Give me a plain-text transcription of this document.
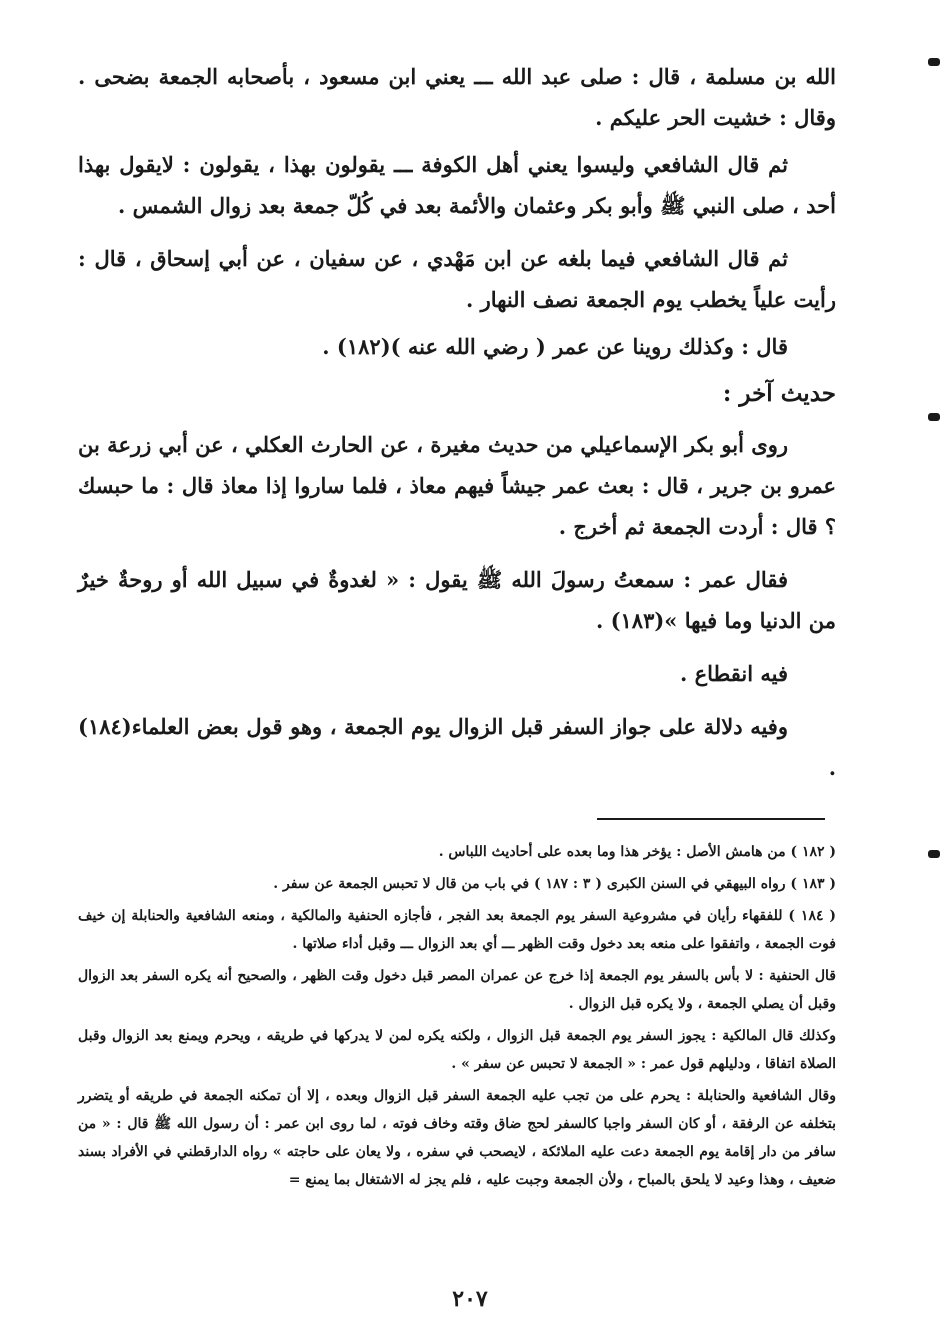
الله بن مسلمة ، قال : صلى عبد الله ـــ يعني ابن مسعود ، بأصحابه الجمعة بضحى . وقال : خشيت الحر عليكم .

ثم قال الشافعي وليسوا يعني أهل الكوفة ـــ يقولون بهذا ، يقولون : لايقول بهذا أحد ، صلى النبي ﷺ وأبو بكر وعثمان والأئمة بعد في كُلّ جمعة بعد زوال الشمس .

ثم قال الشافعي فيما بلغه عن ابن مَهْدي ، عن سفيان ، عن أبي إسحاق ، قال : رأيت علياً يخطب يوم الجمعة نصف النهار .

قال : وكذلك روينا عن عمر ( رضي الله عنه )(١٨٢) .

حديث آخر :

روى أبو بكر الإسماعيلي من حديث مغيرة ، عن الحارث العكلي ، عن أبي زرعة بن عمرو بن جرير ، قال : بعث عمر جيشاً فيهم معاذ ، فلما ساروا إذا معاذ قال : ما حبسك ؟ قال : أردت الجمعة ثم أخرج .

فقال عمر : سمعتُ رسولَ الله ﷺ يقول : « لغدوةٌ في سبيل الله أو روحةٌ خيرٌ من الدنيا وما فيها »(١٨٣) .

فيه انقطاع .

وفيه دلالة على جواز السفر قبل الزوال يوم الجمعة ، وهو قول بعض العلماء(١٨٤) .

( ١٨٢ ) من هامش الأصل : يؤخر هذا وما بعده على أحاديث اللباس .

( ١٨٣ ) رواه البيهقي في السنن الكبرى ( ٣ : ١٨٧ ) في باب من قال لا تحبس الجمعة عن سفر .

( ١٨٤ ) للفقهاء رأيان في مشروعية السفر يوم الجمعة بعد الفجر ، فأجازه الحنفية والمالكية ، ومنعه الشافعية والحنابلة إن خيف فوت الجمعة ، واتفقوا على منعه بعد دخول وقت الظهر ـــ أي بعد الزوال ـــ وقبل أداء صلاتها .

قال الحنفية : لا بأس بالسفر يوم الجمعة إذا خرج عن عمران المصر قبل دخول وقت الظهر ، والصحيح أنه يكره السفر بعد الزوال وقبل أن يصلي الجمعة ، ولا يكره قبل الزوال .

وكذلك قال المالكية : يجوز السفر يوم الجمعة قبل الزوال ، ولكنه يكره لمن لا يدركها في طريقه ، ويحرم ويمنع بعد الزوال وقبل الصلاة اتفاقا ، ودليلهم قول عمر : « الجمعة لا تحبس عن سفر » .

وقال الشافعية والحنابلة : يحرم على من تجب عليه الجمعة السفر قبل الزوال وبعده ، إلا أن تمكنه الجمعة في طريقه أو يتضرر بتخلفه عن الرفقة ، أو كان السفر واجبا كالسفر لحج ضاق وقته وخاف فوته ، لما روى ابن عمر : أن رسول الله ﷺ قال : « من سافر من دار إقامة يوم الجمعة دعت عليه الملائكة ، لايصحب في سفره ، ولا يعان على حاجته » رواه الدارقطني في الأفراد بسند ضعيف ، وهذا وعيد لا يلحق بالمباح ، ولأن الجمعة وجبت عليه ، فلم يجز له الاشتغال بما يمنع =

٢٠٧
